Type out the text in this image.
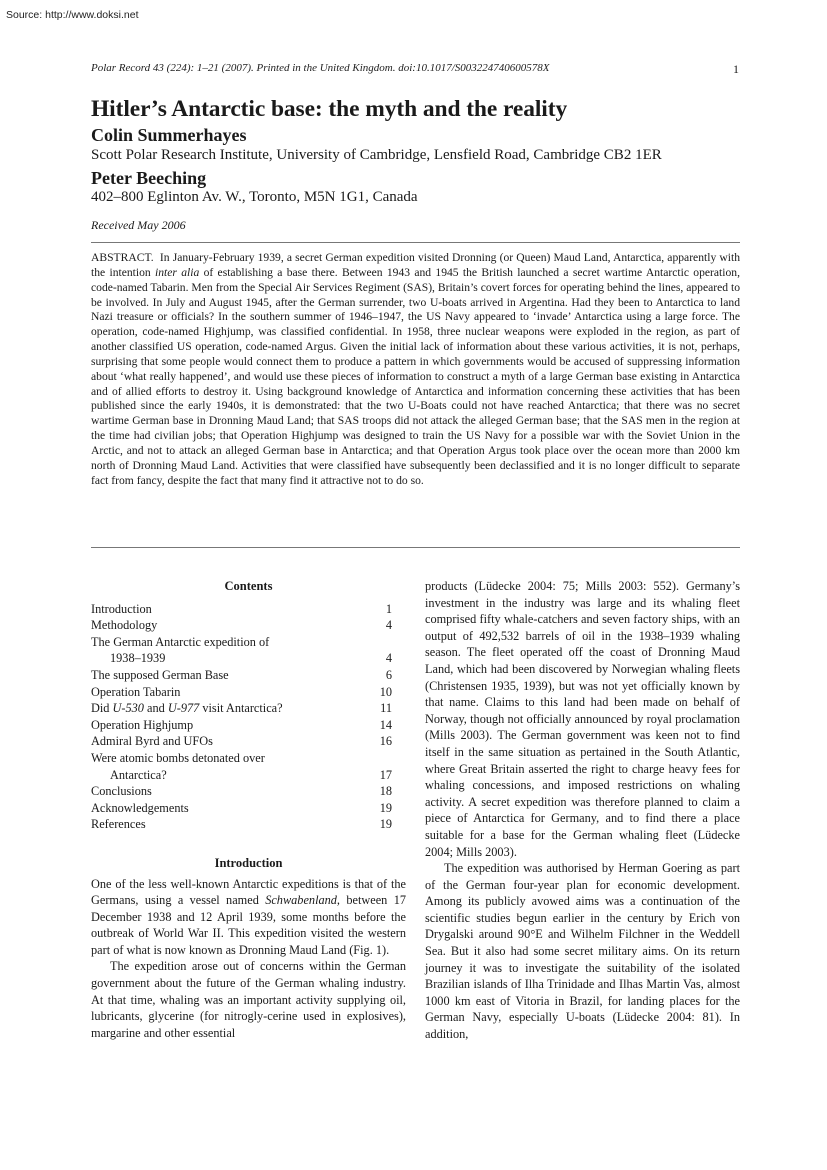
Source: http://www.doksi.net
Polar Record 43 (224): 1–21 (2007). Printed in the United Kingdom. doi:10.1017/S003224740600578X	1
Hitler’s Antarctic base: the myth and the reality
Colin Summerhayes
Scott Polar Research Institute, University of Cambridge, Lensfield Road, Cambridge CB2 1ER
Peter Beeching
402–800 Eglinton Av. W., Toronto, M5N 1G1, Canada
Received May 2006
ABSTRACT. In January-February 1939, a secret German expedition visited Dronning (or Queen) Maud Land, Antarctica, apparently with the intention inter alia of establishing a base there. Between 1943 and 1945 the British launched a secret wartime Antarctic operation, code-named Tabarin. Men from the Special Air Services Regiment (SAS), Britain’s covert forces for operating behind the lines, appeared to be involved. In July and August 1945, after the German surrender, two U-boats arrived in Argentina. Had they been to Antarctica to land Nazi treasure or officials? In the southern summer of 1946–1947, the US Navy appeared to ‘invade’ Antarctica using a large force. The operation, code-named Highjump, was classified confidential. In 1958, three nuclear weapons were exploded in the region, as part of another classified US operation, code-named Argus. Given the initial lack of information about these various activities, it is not, perhaps, surprising that some people would connect them to produce a pattern in which governments would be accused of suppressing information about ‘what really happened’, and would use these pieces of information to construct a myth of a large German base existing in Antarctica and of allied efforts to destroy it. Using background knowledge of Antarctica and information concerning these activities that has been published since the early 1940s, it is demonstrated: that the two U-Boats could not have reached Antarctica; that there was no secret wartime German base in Dronning Maud Land; that SAS troops did not attack the alleged German base; that the SAS men in the region at the time had civilian jobs; that Operation Highjump was designed to train the US Navy for a possible war with the Soviet Union in the Arctic, and not to attack an alleged German base in Antarctica; and that Operation Argus took place over the ocean more than 2000 km north of Dronning Maud Land. Activities that were classified have subsequently been declassified and it is no longer difficult to separate fact from fancy, despite the fact that many find it attractive not to do so.

Contents

Introduction	1
Methodology	4
The German Antarctic expedition of
1938–1939	4
The supposed German Base	6
Operation Tabarin	10
Did U-530 and U-977 visit Antarctica?	11
Operation Highjump	14
Admiral Byrd and UFOs	16
Were atomic bombs detonated over
Antarctica?	17
Conclusions	18
Acknowledgements	19
References	19

Introduction

One of the less well-known Antarctic expeditions is that of the Germans, using a vessel named Schwabenland, between 17 December 1938 and 12 April 1939, some months before the outbreak of World War II. This expedition visited the western part of what is now known as Dronning Maud Land (Fig. 1).

The expedition arose out of concerns within the German government about the future of the German whaling industry. At that time, whaling was an important activity supplying oil, lubricants, glycerine (for nitrogly-cerine used in explosives), margarine and other essential

products (Lüdecke 2004: 75; Mills 2003: 552). Germany’s investment in the industry was large and its whaling fleet comprised fifty whale-catchers and seven factory ships, with an output of 492,532 barrels of oil in the 1938–1939 whaling season. The fleet operated off the coast of Dronning Maud Land, which had been discovered by Norwegian whaling fleets (Christensen 1935, 1939), but was not yet officially known by that name. Claims to this land had been made on behalf of Norway, though not officially announced by royal proclamation (Mills 2003). The German government was keen not to find itself in the same situation as pertained in the South Atlantic, where Great Britain asserted the right to charge heavy fees for whaling concessions, and imposed restrictions on whaling activity. A secret expedition was therefore planned to claim a piece of Antarctica for Germany, and to find there a place suitable for a base for the German whaling fleet (Lüdecke 2004; Mills 2003).

The expedition was authorised by Herman Goering as part of the German four-year plan for economic development. Among its publicly avowed aims was a continuation of the scientific studies begun earlier in the century by Erich von Drygalski around 90°E and Wilhelm Filchner in the Weddell Sea. But it also had some secret military aims. On its return journey it was to investigate the suitability of the isolated Brazilian islands of Ilha Trinidade and Ilhas Martin Vas, almost 1000 km east of Vitoria in Brazil, for landing places for the German Navy, especially U-boats (Lüdecke 2004: 81). In addition,
